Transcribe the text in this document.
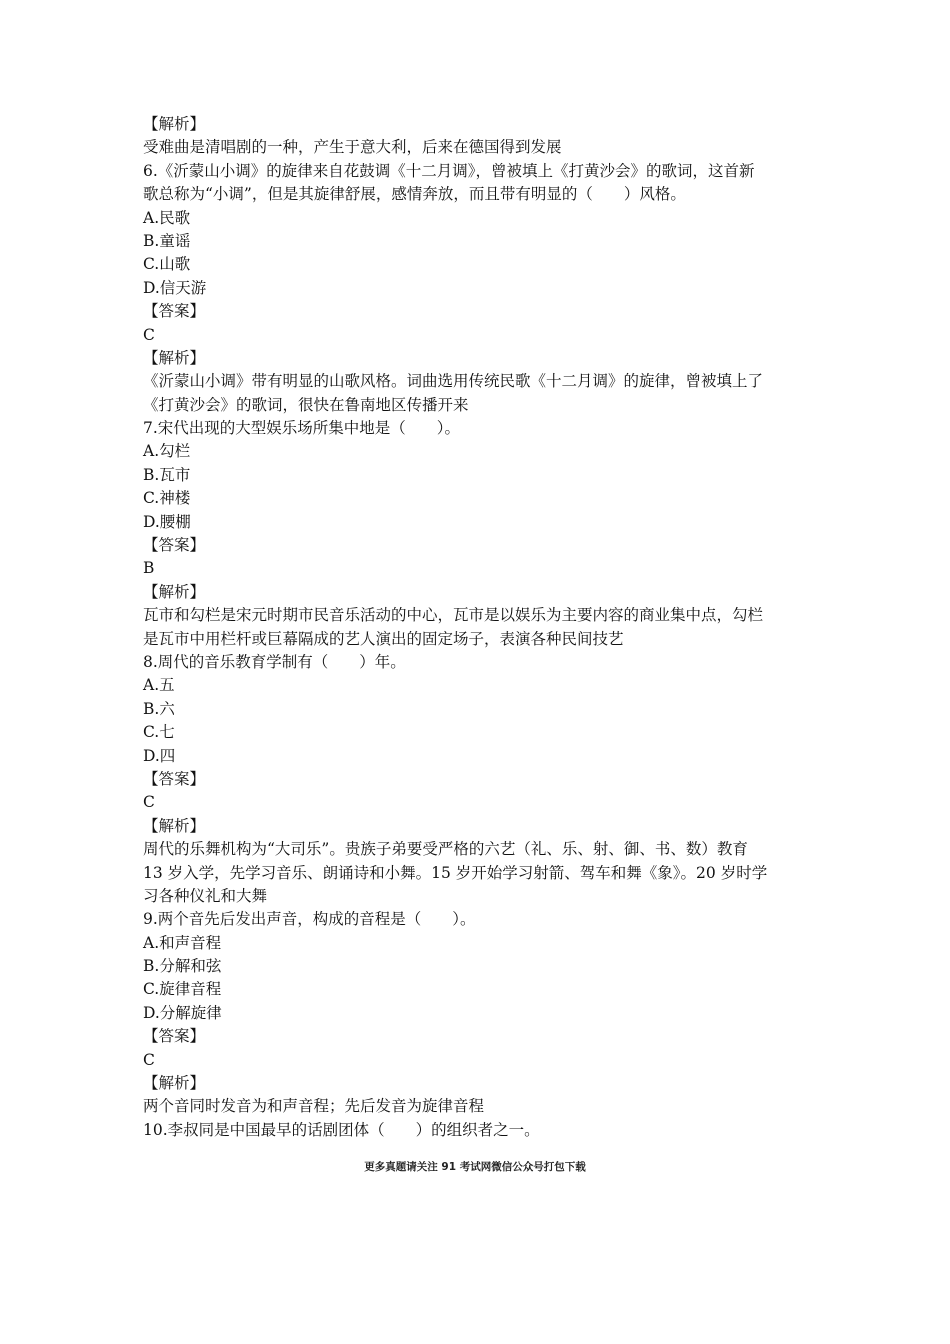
【解析】
受难曲是清唱剧的一种，产生于意大利，后来在德国得到发展
6.《沂蒙山小调》的旋律来自花鼓调《十二月调》，曾被填上《打黄沙会》的歌词，这首新
歌总称为“小调”，但是其旋律舒展，感情奔放，而且带有明显的（　　）风格。
A.民歌
B.童谣
C.山歌
D.信天游
【答案】
C
【解析】
《沂蒙山小调》带有明显的山歌风格。词曲选用传统民歌《十二月调》的旋律，曾被填上了
《打黄沙会》的歌词，很快在鲁南地区传播开来
7.宋代出现的大型娱乐场所集中地是（　　）。
A.勾栏
B.瓦市
C.神楼
D.腰棚
【答案】
B
【解析】
瓦市和勾栏是宋元时期市民音乐活动的中心，瓦市是以娱乐为主要内容的商业集中点，勾栏
是瓦市中用栏杆或巨幕隔成的艺人演出的固定场子，表演各种民间技艺
8.周代的音乐教育学制有（　　）年。
A.五
B.六
C.七
D.四
【答案】
C
【解析】
周代的乐舞机构为“大司乐”。贵族子弟要受严格的六艺（礼、乐、射、御、书、数）教育
13 岁入学，先学习音乐、朗诵诗和小舞。15 岁开始学习射箭、驾车和舞《象》。20 岁时学
习各种仪礼和大舞
9.两个音先后发出声音，构成的音程是（　　）。
A.和声音程
B.分解和弦
C.旋律音程
D.分解旋律
【答案】
C
【解析】
两个音同时发音为和声音程；先后发音为旋律音程
10.李叔同是中国最早的话剧团体（　　）的组织者之一。
更多真题请关注 91 考试网微信公众号打包下载
